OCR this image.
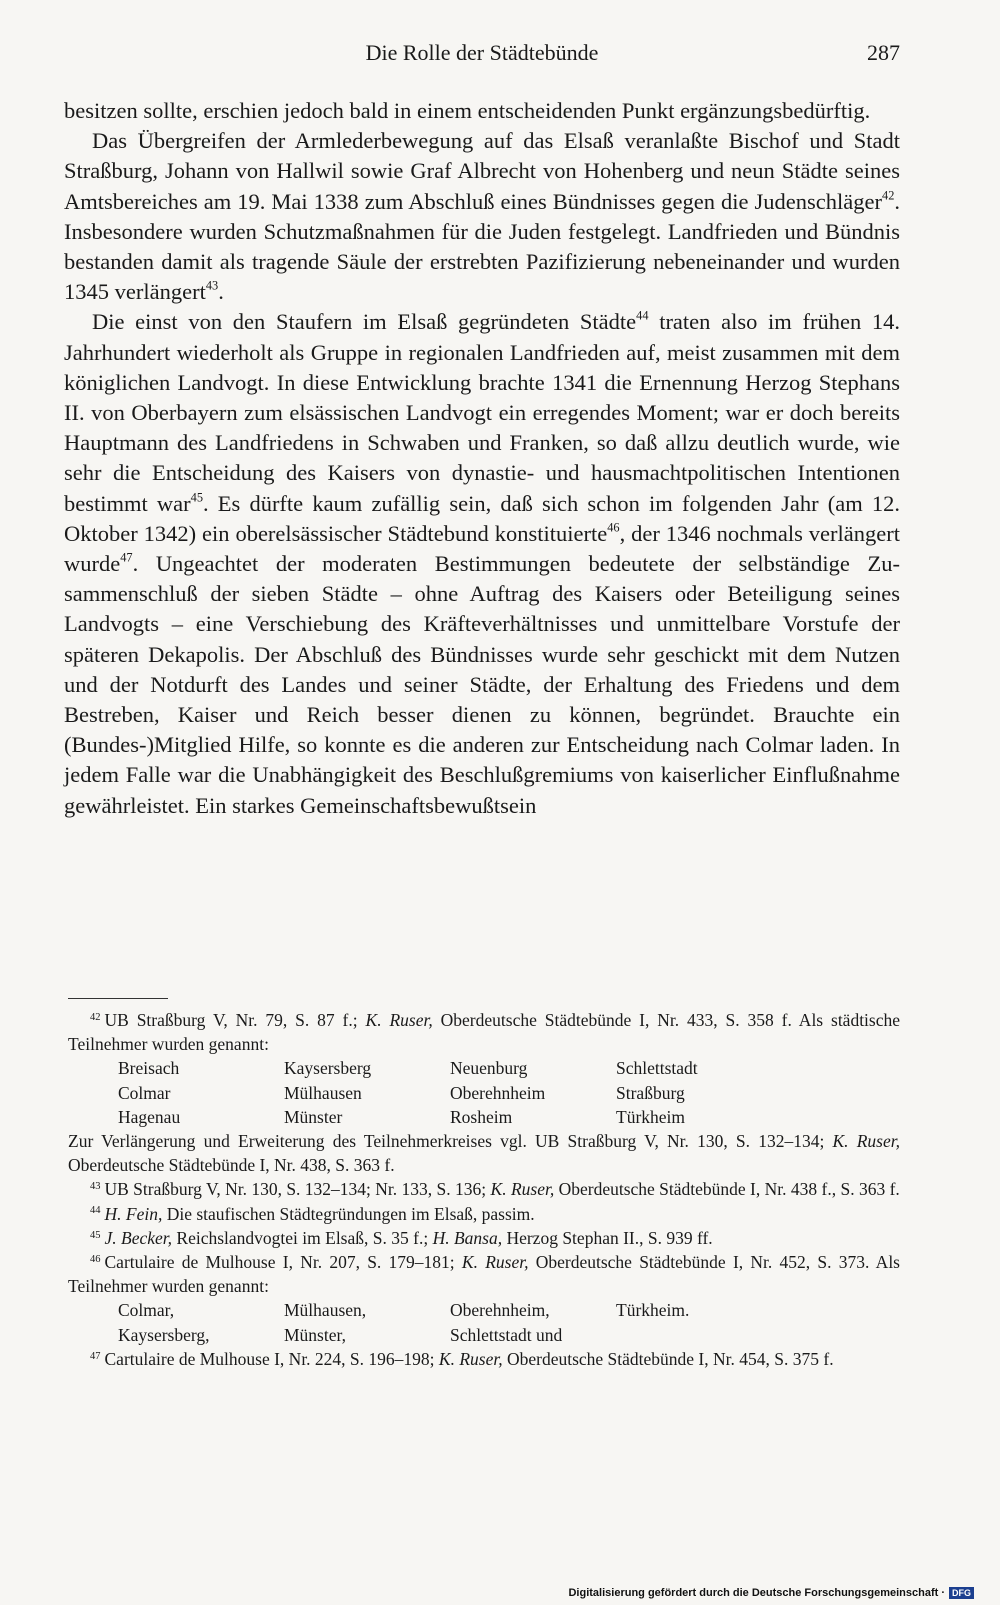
Die Rolle der Städtebünde	287

besitzen sollte, erschien jedoch bald in einem entscheidenden Punkt ergänzungsbedürftig.

Das Übergreifen der Armlederbewegung auf das Elsaß veranlaßte Bischof und Stadt Straßburg, Johann von Hallwil sowie Graf Albrecht von Hohenberg und neun Städte seines Amtsbereiches am 19. Mai 1338 zum Abschluß eines Bündnisses gegen die Judenschläger$^{42}$. Insbesondere wurden Schutzmaßnahmen für die Juden festgelegt. Landfrieden und Bündnis bestanden damit als tragende Säule der erstrebten Pazifizierung nebeneinander und wurden 1345 verlängert$^{43}$.

Die einst von den Staufern im Elsaß gegründeten Städte$^{44}$ traten also im frühen 14. Jahrhundert wiederholt als Gruppe in regionalen Landfrieden auf, meist zusammen mit dem königlichen Landvogt. In diese Entwicklung brachte 1341 die Ernennung Herzog Stephans II. von Oberbayern zum elsässischen Landvogt ein erregendes Moment; war er doch bereits Hauptmann des Landfriedens in Schwaben und Franken, so daß allzu deutlich wurde, wie sehr die Entscheidung des Kaisers von dynastie- und hausmachtpolitischen Intentionen bestimmt war$^{45}$. Es dürfte kaum zufällig sein, daß sich schon im folgenden Jahr (am 12. Oktober 1342) ein oberelsässischer Städtebund konstituierte$^{46}$, der 1346 nochmals verlängert wurde$^{47}$. Ungeachtet der moderaten Bestimmungen bedeutete der selbständige Zusammenschluß der sieben Städte – ohne Auftrag des Kaisers oder Beteiligung seines Landvogts – eine Verschiebung des Kräfteverhältnisses und unmittelbare Vorstufe der späteren Dekapolis. Der Abschluß des Bündnisses wurde sehr geschickt mit dem Nutzen und der Notdurft des Landes und seiner Städte, der Erhaltung des Friedens und dem Bestreben, Kaiser und Reich besser dienen zu können, begründet. Brauchte ein (Bundes-)Mitglied Hilfe, so konnte es die anderen zur Entscheidung nach Colmar laden. In jedem Falle war die Unabhängigkeit des Beschlußgremiums von kaiserlicher Einflußnahme gewährleistet. Ein starkes Gemeinschaftsbewußtsein

$^{42}$ UB Straßburg V, Nr. 79, S. 87 f.; K. Ruser, Oberdeutsche Städtebünde I, Nr. 433, S. 358 f. Als städtische Teilnehmer wurden genannt:

Breisach	Kaysersberg	Neuenburg	Schlettstadt
Colmar	Mülhausen	Oberehnheim	Straßburg
Hagenau	Münster	Rosheim	Türkheim

Zur Verlängerung und Erweiterung des Teilnehmerkreises vgl. UB Straßburg V, Nr. 130, S. 132–134; K. Ruser, Oberdeutsche Städtebünde I, Nr. 438, S. 363 f.

$^{43}$ UB Straßburg V, Nr. 130, S. 132–134; Nr. 133, S. 136; K. Ruser, Oberdeutsche Städtebünde I, Nr. 438 f., S. 363 f.

$^{44}$ H. Fein, Die staufischen Städtegründungen im Elsaß, passim.

$^{45}$ J. Becker, Reichslandvogtei im Elsaß, S. 35 f.; H. Bansa, Herzog Stephan II., S. 939 ff.

$^{46}$ Cartulaire de Mulhouse I, Nr. 207, S. 179–181; K. Ruser, Oberdeutsche Städtebünde I, Nr. 452, S. 373. Als Teilnehmer wurden genannt:

Colmar,	Mülhausen,	Oberehnheim,	Türkheim.
Kaysersberg,	Münster,	Schlettstadt und

$^{47}$ Cartulaire de Mulhouse I, Nr. 224, S. 196–198; K. Ruser, Oberdeutsche Städtebünde I, Nr. 454, S. 375 f.

Digitalisierung gefördert durch die Deutsche Forschungsgemeinschaft · DFG
